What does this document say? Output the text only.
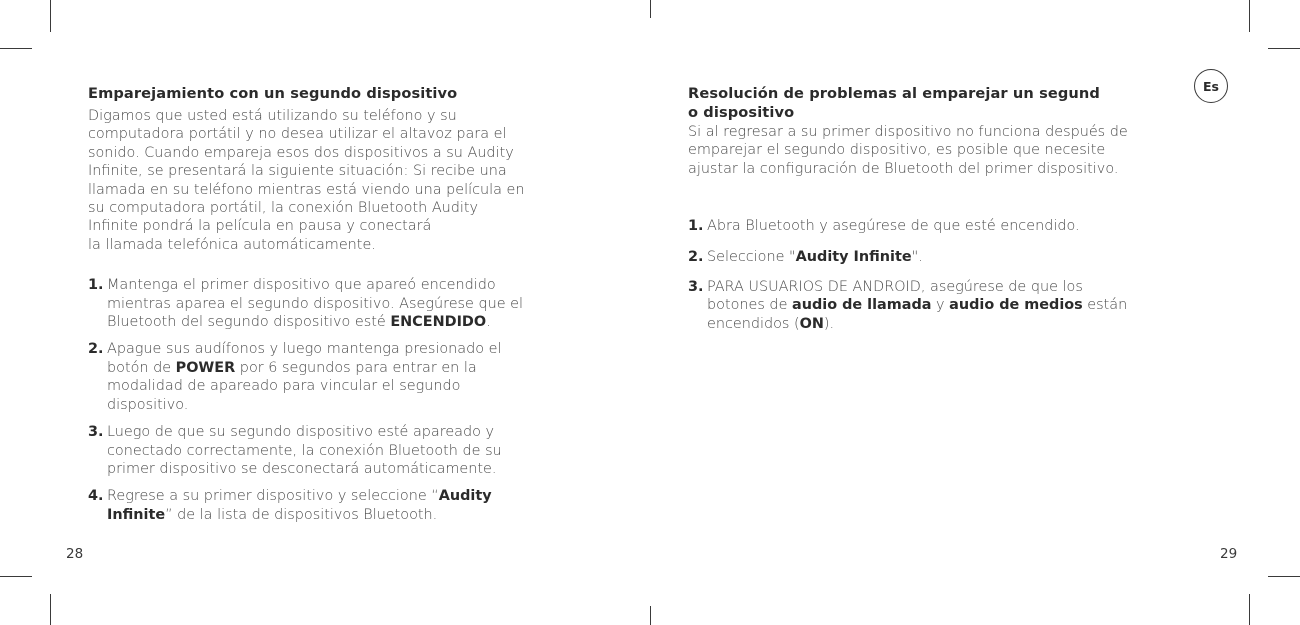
Emparejamiento con un segundo dispositivo

Digamos que usted está utilizando su teléfono y su
computadora portátil y no desea utilizar el altavoz para el
sonido. Cuando empareja esos dos dispositivos a su Audity
Infinite, se presentará la siguiente situación: Si recibe una
llamada en su teléfono mientras está viendo una película en
su computadora portátil, la conexión Bluetooth Audity
Infinite pondrá la película en pausa y conectará
la llamada telefónica automáticamente.

1. Mantenga el primer dispositivo que apareó encendido
mientras aparea el segundo dispositivo. Asegúrese que el
Bluetooth del segundo dispositivo esté ENCENDIDO.
2. Apague sus audífonos y luego mantenga presionado el
botón de POWER por 6 segundos para entrar en la
modalidad de apareado para vincular el segundo
dispositivo.
3. Luego de que su segundo dispositivo esté apareado y
conectado correctamente, la conexión Bluetooth de su
primer dispositivo se desconectará automáticamente.
4. Regrese a su primer dispositivo y seleccione “Audity
Infinite” de la lista de dispositivos Bluetooth.
28
Resolución de problemas al emparejar un segund
o dispositivo

Si al regresar a su primer dispositivo no funciona después de
emparejar el segundo dispositivo, es posible que necesite
ajustar la configuración de Bluetooth del primer dispositivo.

1. Abra Bluetooth y asegúrese de que esté encendido.
2. Seleccione "Audity Infinite".
3. PARA USUARIOS DE ANDROID, asegúrese de que los
botones de audio de llamada y audio de medios están
encendidos (ON).
Es
29
